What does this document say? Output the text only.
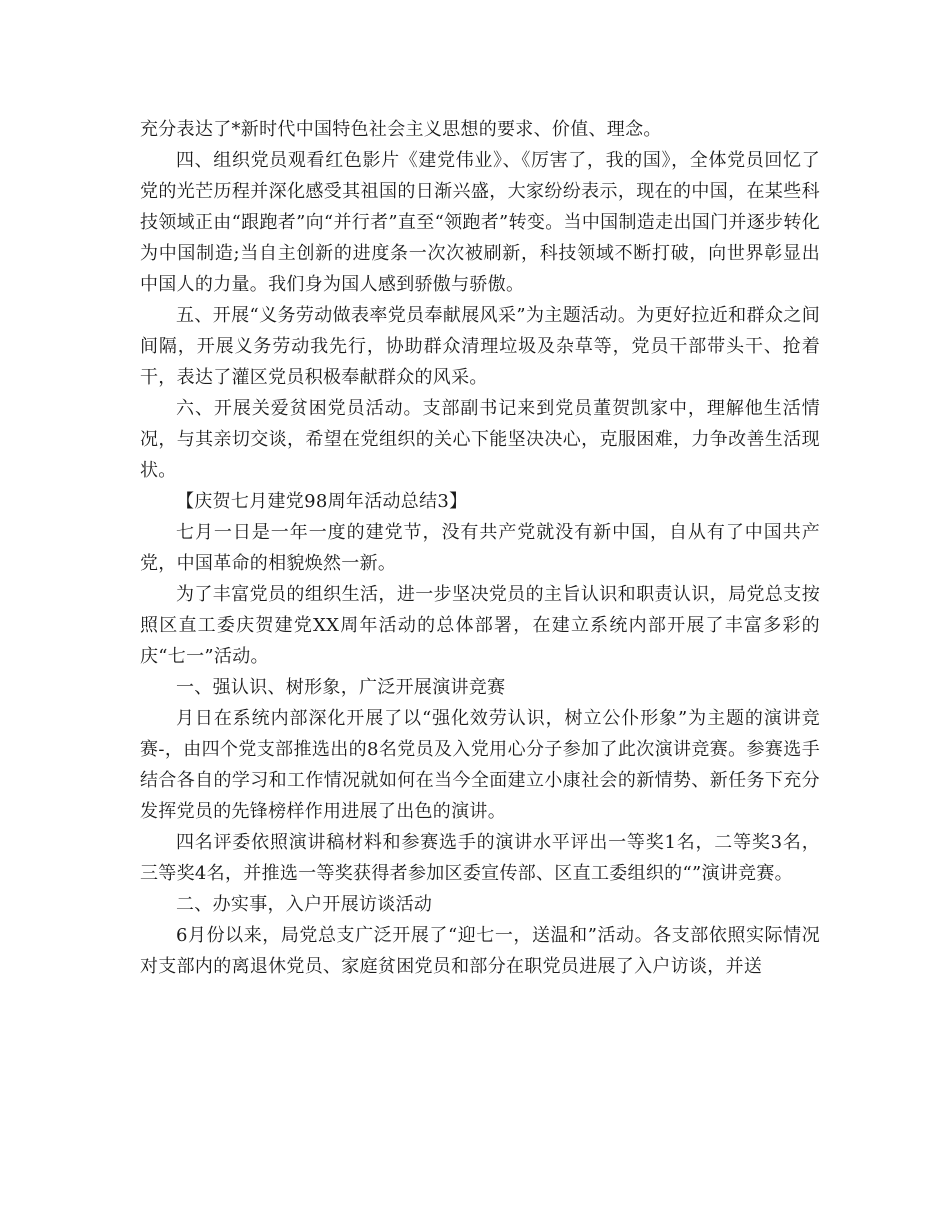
充分表达了*新时代中国特色社会主义思想的要求、价值、理念。

四、组织党员观看红色影片《建党伟业》、《厉害了，我的国》，全体党员回忆了党的光芒历程并深化感受其祖国的日渐兴盛，大家纷纷表示，现在的中国，在某些科技领域正由“跟跑者”向“并行者”直至“领跑者”转变。当中国制造走出国门并逐步转化为中国制造;当自主创新的进度条一次次被刷新，科技领域不断打破，向世界彰显出中国人的力量。我们身为国人感到骄傲与骄傲。

五、开展“义务劳动做表率党员奉献展风采”为主题活动。为更好拉近和群众之间间隔，开展义务劳动我先行，协助群众清理垃圾及杂草等，党员干部带头干、抢着干，表达了灌区党员积极奉献群众的风采。

六、开展关爱贫困党员活动。支部副书记来到党员董贺凯家中，理解他生活情况，与其亲切交谈，希望在党组织的关心下能坚决决心，克服困难，力争改善生活现状。

【庆贺七月建党98周年活动总结3】

七月一日是一年一度的建党节，没有共产党就没有新中国，自从有了中国共产党，中国革命的相貌焕然一新。

为了丰富党员的组织生活，进一步坚决党员的主旨认识和职责认识，局党总支按照区直工委庆贺建党XX周年活动的总体部署，在建立系统内部开展了丰富多彩的庆“七一”活动。

一、强认识、树形象，广泛开展演讲竞赛

月日在系统内部深化开展了以“强化效劳认识，树立公仆形象”为主题的演讲竞赛-，由四个党支部推选出的8名党员及入党用心分子参加了此次演讲竞赛。参赛选手结合各自的学习和工作情况就如何在当今全面建立小康社会的新情势、新任务下充分发挥党员的先锋榜样作用进展了出色的演讲。

四名评委依照演讲稿材料和参赛选手的演讲水平评出一等奖1名，二等奖3名，三等奖4名，并推选一等奖获得者参加区委宣传部、区直工委组织的“”演讲竞赛。

二、办实事，入户开展访谈活动

6月份以来，局党总支广泛开展了“迎七一，送温和”活动。各支部依照实际情况对支部内的离退休党员、家庭贫困党员和部分在职党员进展了入户访谈，并送
